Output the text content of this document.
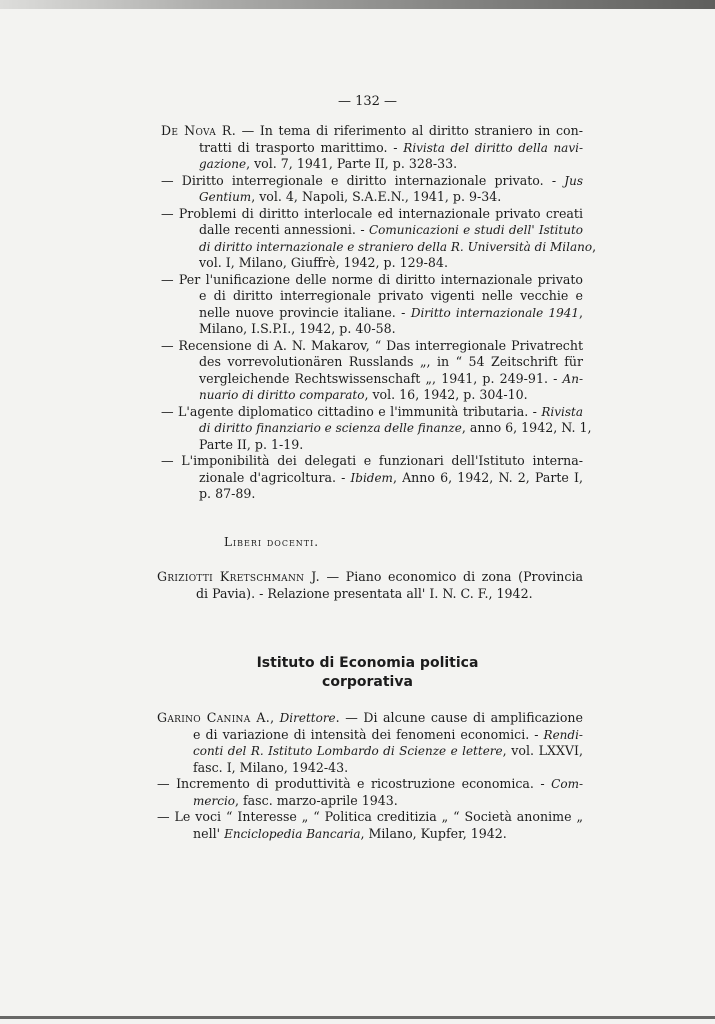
— 132 —
De Nova R. — In tema di riferimento al diritto straniero in con-
tratti di trasporto marittimo. - Rivista del diritto della navi-
gazione, vol. 7, 1941, Parte II, p. 328-33.
— Diritto interregionale e diritto internazionale privato. - Jus
Gentium, vol. 4, Napoli, S.A.E.N., 1941, p. 9-34.
— Problemi di diritto interlocale ed internazionale privato creati
dalle recenti annessioni. - Comunicazioni e studi dell' Istituto
di diritto internazionale e straniero della R. Università di Milano,
vol. I, Milano, Giuffrè, 1942, p. 129-84.
— Per l'unificazione delle norme di diritto internazionale privato
e di diritto interregionale privato vigenti nelle vecchie e
nelle nuove provincie italiane. - Diritto internazionale 1941,
Milano, I.S.P.I., 1942, p. 40-58.
— Recensione di A. N. Makarov, “ Das interregionale Privatrecht
des vorrevolutionären Russlands „, in “ 54 Zeitschrift für
vergleichende Rechtswissenschaft „, 1941, p. 249-91. - An-
nuario di diritto comparato, vol. 16, 1942, p. 304-10.
— L'agente diplomatico cittadino e l'immunità tributaria. - Rivista
di diritto finanziario e scienza delle finanze, anno 6, 1942, N. 1,
Parte II, p. 1-19.
— L'imponibilità dei delegati e funzionari dell'Istituto interna-
zionale d'agricoltura. - Ibidem, Anno 6, 1942, N. 2, Parte I,
p. 87-89.
Liberi docenti.
Griziotti Kretschmann J. — Piano economico di zona (Provincia
di Pavia). - Relazione presentata all' I. N. C. F., 1942.
Istituto di Economia politica
corporativa
Garino Canina A., Direttore. — Di alcune cause di amplificazione
e di variazione di intensità dei fenomeni economici. - Rendi-
conti del R. Istituto Lombardo di Scienze e lettere, vol. LXXVI,
fasc. I, Milano, 1942-43.
— Incremento di produttività e ricostruzione economica. - Com-
mercio, fasc. marzo-aprile 1943.
— Le voci “ Interesse „ “ Politica creditizia „ “ Società anonime „
nell' Enciclopedia Bancaria, Milano, Kupfer, 1942.
